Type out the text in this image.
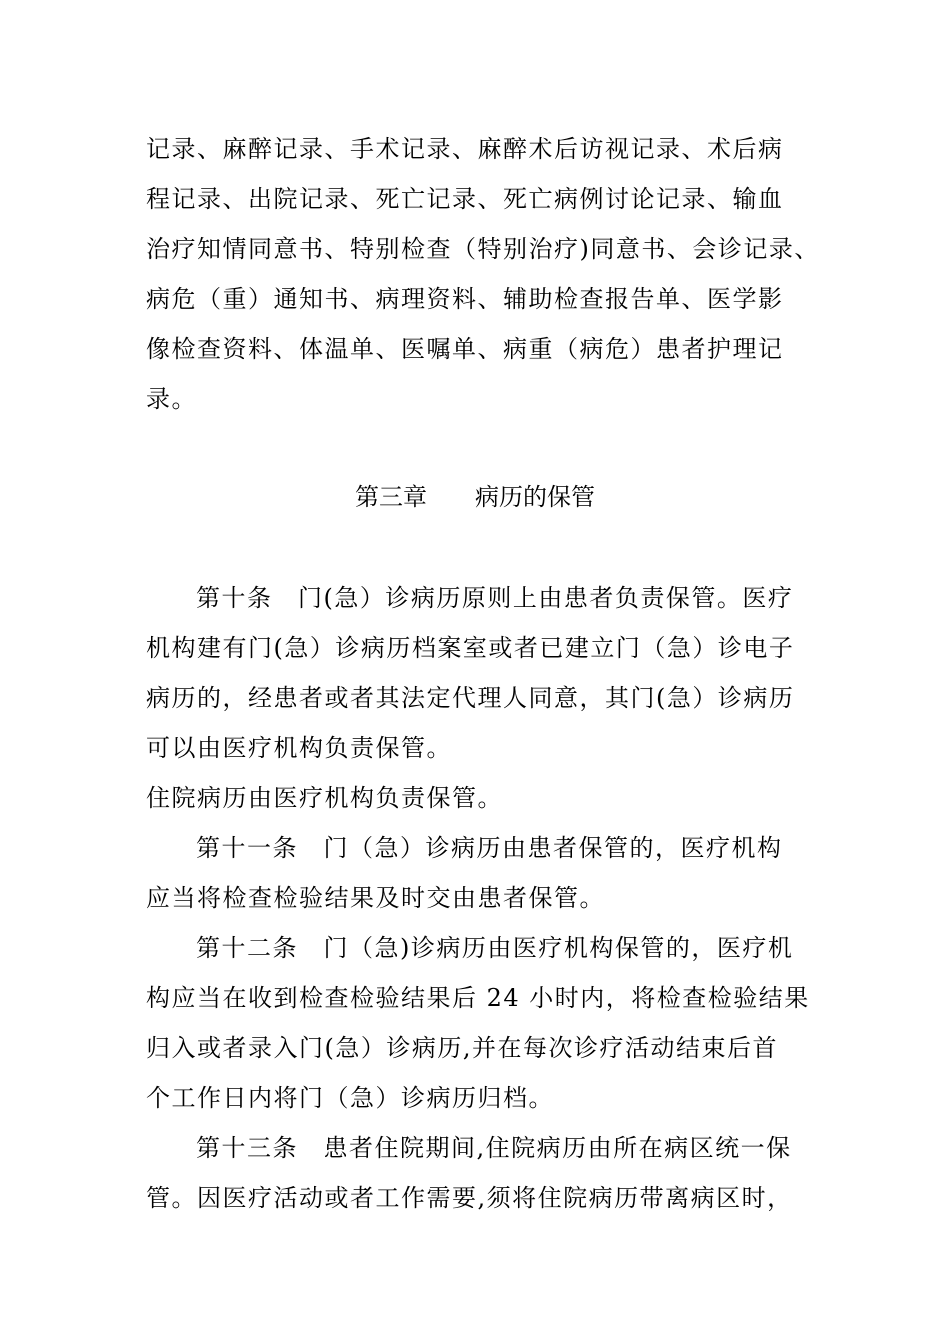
记录、麻醉记录、手术记录、麻醉术后访视记录、术后病
程记录、出院记录、死亡记录、死亡病例讨论记录、输血
治疗知情同意书、特别检查（特别治疗)同意书、会诊记录、
病危（重）通知书、病理资料、辅助检查报告单、医学影
像检查资料、体温单、医嘱单、病重（病危）患者护理记
录。
第三章　　病历的保管
第十条　门(急）诊病历原则上由患者负责保管。医疗
机构建有门(急）诊病历档案室或者已建立门（急）诊电子
病历的，经患者或者其法定代理人同意，其门(急）诊病历
可以由医疗机构负责保管。
住院病历由医疗机构负责保管。
第十一条　门（急）诊病历由患者保管的，医疗机构
应当将检查检验结果及时交由患者保管。
第十二条　门（急)诊病历由医疗机构保管的，医疗机
构应当在收到检查检验结果后 24 小时内，将检查检验结果
归入或者录入门(急）诊病历,并在每次诊疗活动结束后首
个工作日内将门（急）诊病历归档。
第十三条　患者住院期间,住院病历由所在病区统一保
管。因医疗活动或者工作需要,须将住院病历带离病区时，
